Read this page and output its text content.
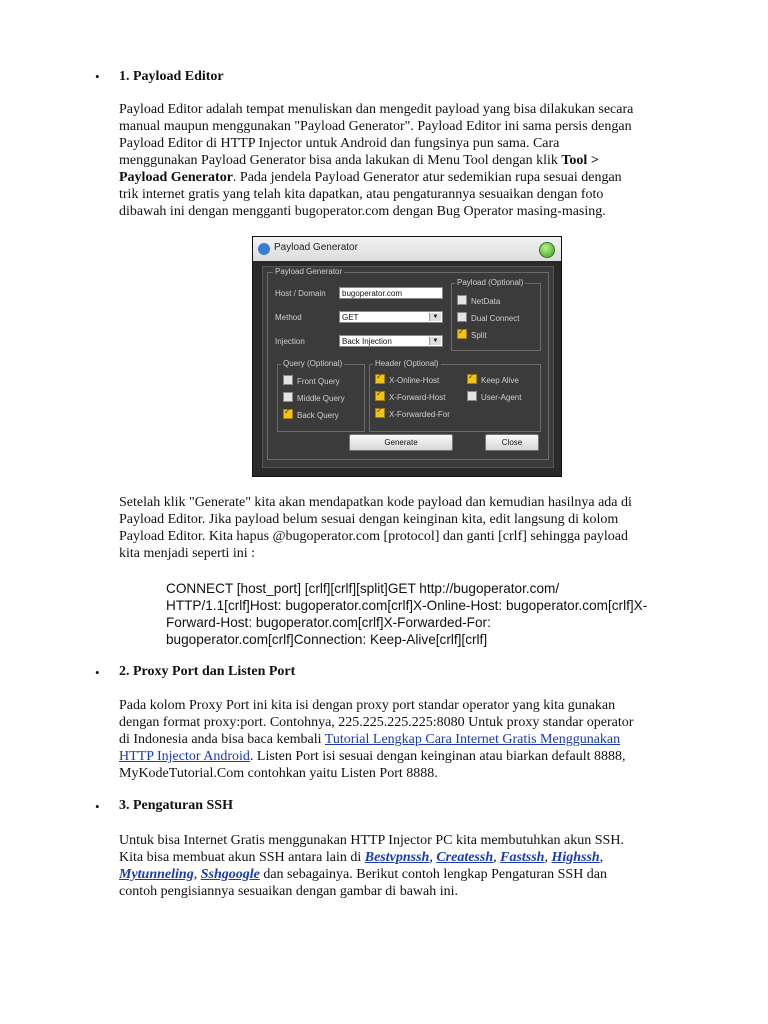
• 1. Payload Editor

Payload Editor adalah tempat menuliskan dan mengedit payload yang bisa dilakukan secara

manual maupun menggunakan "Payload Generator". Payload Editor ini sama persis dengan

Payload Editor di HTTP Injector untuk Android dan fungsinya pun sama. Cara

menggunakan Payload Generator bisa anda lakukan di Menu Tool dengan klik Tool >

Payload Generator. Pada jendela Payload Generator atur sedemikian rupa sesuai dengan

trik internet gratis yang telah kita dapatkan, atau pengaturannya sesuaikan dengan foto

dibawah ini dengan mengganti bugoperator.com dengan Bug Operator masing-masing.

Payload Generator
Payload Generator
Host / Domain	bugoperator.com
Method	GET	▼
Injection	Back Injection	▼
Payload (Optional)
NetData
Dual Connect
✓Split
Query (Optional)
Front Query
Middle Query
✓Back Query
Header (Optional)
✓X-Online-Host
✓X-Forward-Host
✓X-Forwarded-For
✓Keep Alive
User-Agent
Generate	Close

Setelah klik "Generate" kita akan mendapatkan kode payload dan kemudian hasilnya ada di

Payload Editor. Jika payload belum sesuai dengan keinginan kita, edit langsung di kolom

Payload Editor. Kita hapus @bugoperator.com [protocol] dan ganti [crlf] sehingga payload

kita menjadi seperti ini :

CONNECT [host_port] [crlf][crlf][split]GET http://bugoperator.com/
HTTP/1.1[crlf]Host: bugoperator.com[crlf]X-Online-Host: bugoperator.com[crlf]X-
Forward-Host: bugoperator.com[crlf]X-Forwarded-For:
bugoperator.com[crlf]Connection: Keep-Alive[crlf][crlf]
• 2. Proxy Port dan Listen Port

Pada kolom Proxy Port ini kita isi dengan proxy port standar operator yang kita gunakan

dengan format proxy:port. Contohnya, 225.225.225.225:8080 Untuk proxy standar operator

di Indonesia anda bisa baca kembali Tutorial Lengkap Cara Internet Gratis Menggunakan

HTTP Injector Android. Listen Port isi sesuai dengan keinginan atau biarkan default 8888,

MyKodeTutorial.Com contohkan yaitu Listen Port 8888.

• 3. Pengaturan SSH

Untuk bisa Internet Gratis menggunakan HTTP Injector PC kita membutuhkan akun SSH.

Kita bisa membuat akun SSH antara lain di Bestvpnssh, Createssh, Fastssh, Highssh,

Mytunneling, Sshgoogle dan sebagainya. Berikut contoh lengkap Pengaturan SSH dan

contoh pengisiannya sesuaikan dengan gambar di bawah ini.
